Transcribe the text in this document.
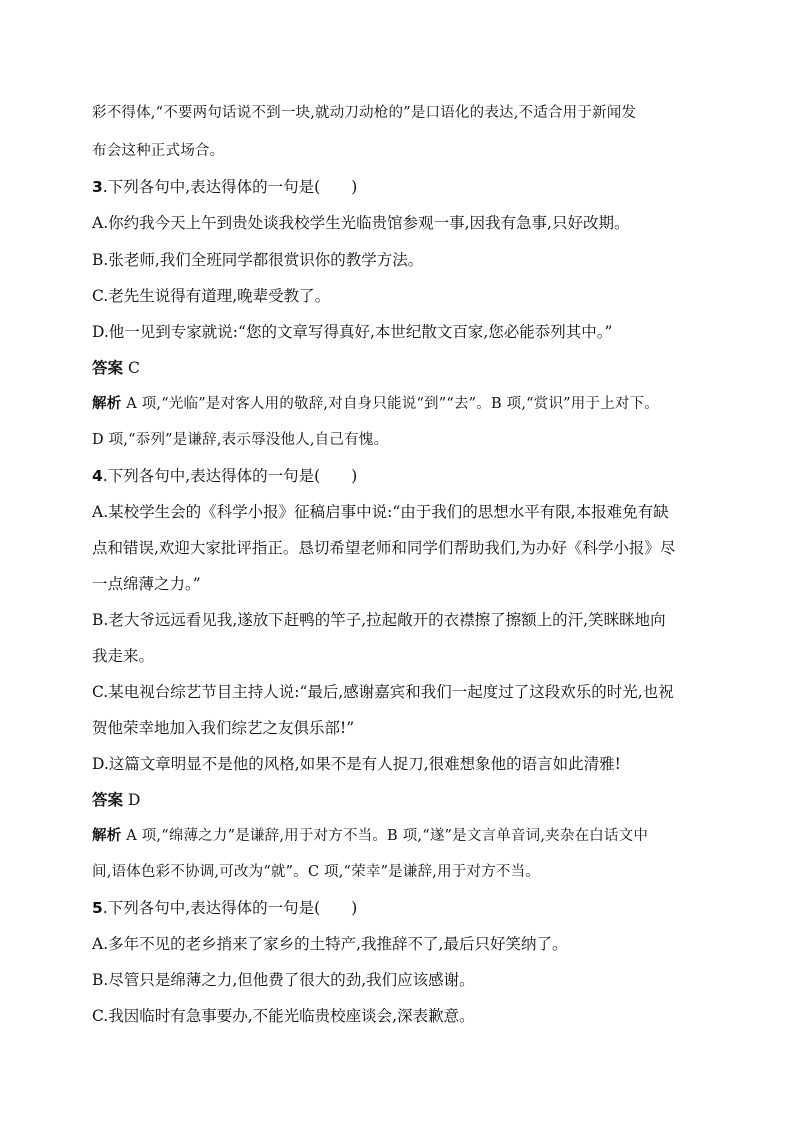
彩不得体,“不要两句话说不到一块,就动刀动枪的”是口语化的表达,不适合用于新闻发
布会这种正式场合。
3.下列各句中,表达得体的一句是(　　)
A.你约我今天上午到贵处谈我校学生光临贵馆参观一事,因我有急事,只好改期。
B.张老师,我们全班同学都很赏识你的教学方法。
C.老先生说得有道理,晚辈受教了。
D.他一见到专家就说:“您的文章写得真好,本世纪散文百家,您必能忝列其中。”
答案 C
解析 A 项,“光临”是对客人用的敬辞,对自身只能说“到”“去”。B 项,“赏识”用于上对下。
D 项,“忝列”是谦辞,表示辱没他人,自己有愧。
4.下列各句中,表达得体的一句是(　　)
A.某校学生会的《科学小报》征稿启事中说:“由于我们的思想水平有限,本报难免有缺
点和错误,欢迎大家批评指正。恳切希望老师和同学们帮助我们,为办好《科学小报》尽
一点绵薄之力。”
B.老大爷远远看见我,遂放下赶鸭的竿子,拉起敞开的衣襟擦了擦额上的汗,笑眯眯地向
我走来。
C.某电视台综艺节目主持人说:“最后,感谢嘉宾和我们一起度过了这段欢乐的时光,也祝
贺他荣幸地加入我们综艺之友俱乐部!”
D.这篇文章明显不是他的风格,如果不是有人捉刀,很难想象他的语言如此清雅!
答案 D
解析 A 项,“绵薄之力”是谦辞,用于对方不当。B 项,“遂”是文言单音词,夹杂在白话文中
间,语体色彩不协调,可改为“就”。C 项,“荣幸”是谦辞,用于对方不当。
5.下列各句中,表达得体的一句是(　　)
A.多年不见的老乡捎来了家乡的土特产,我推辞不了,最后只好笑纳了。
B.尽管只是绵薄之力,但他费了很大的劲,我们应该感谢。
C.我因临时有急事要办,不能光临贵校座谈会,深表歉意。
